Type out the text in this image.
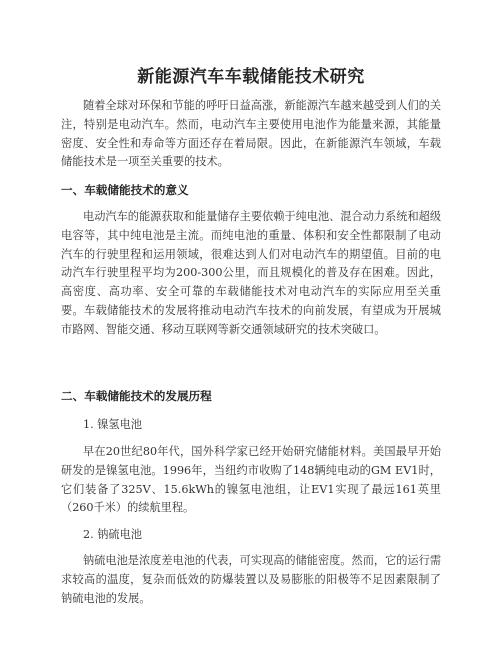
新能源汽车车载储能技术研究

随着全球对环保和节能的呼吁日益高涨，新能源汽车越来越受到人们的关注，特别是电动汽车。然而，电动汽车主要使用电池作为能量来源，其能量密度、安全性和寿命等方面还存在着局限。因此，在新能源汽车领域，车载储能技术是一项至关重要的技术。

一、车载储能技术的意义

电动汽车的能源获取和能量储存主要依赖于纯电池、混合动力系统和超级电容等，其中纯电池是主流。而纯电池的重量、体积和安全性都限制了电动汽车的行驶里程和运用领域，很难达到人们对电动汽车的期望值。目前的电动汽车行驶里程平均为200-300公里，而且规模化的普及存在困难。因此，高密度、高功率、安全可靠的车载储能技术对电动汽车的实际应用至关重要。车载储能技术的发展将推动电动汽车技术的向前发展，有望成为开展城市路网、智能交通、移动互联网等新交通领域研究的技术突破口。

二、车载储能技术的发展历程

1. 镍氢电池

早在20世纪80年代，国外科学家已经开始研究储能材料。美国最早开始研发的是镍氢电池。1996年，当纽约市收购了148辆纯电动的GM EV1时，它们装备了325V、15.6kWh的镍氢电池组，让EV1实现了最远161英里（260千米）的续航里程。

2. 钠硫电池

钠硫电池是浓度差电池的代表，可实现高的储能密度。然而，它的运行需求较高的温度，复杂而低效的防爆装置以及易膨胀的阳极等不足因素限制了钠硫电池的发展。
